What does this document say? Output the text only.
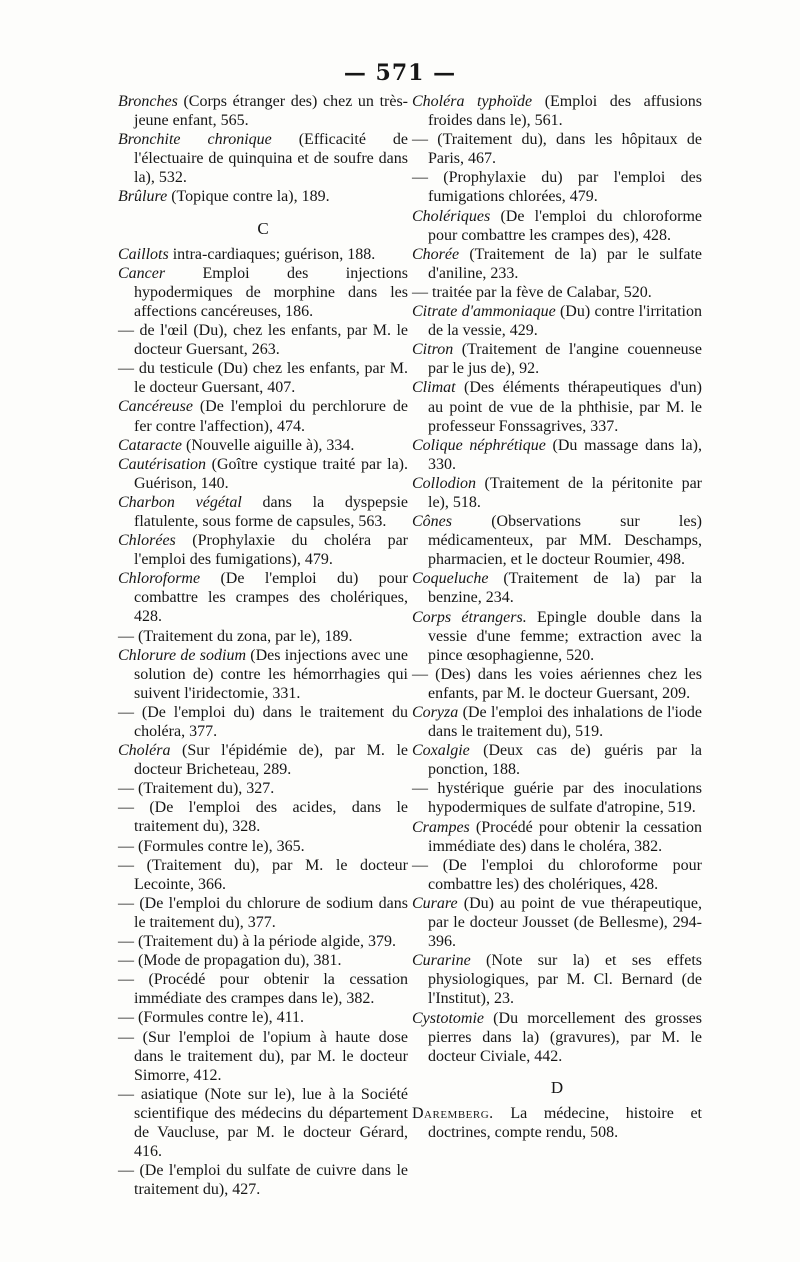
— 571 —

Bronches (Corps étranger des) chez un très-jeune enfant, 565.

Bronchite chronique (Efficacité de l'électuaire de quinquina et de soufre dans la), 532.

Brûlure (Topique contre la), 189.

C

Caillots intra-cardiaques; guérison, 188.

Cancer Emploi des injections hypodermiques de morphine dans les affections cancéreuses, 186.

— de l'œil (Du), chez les enfants, par M. le docteur Guersant, 263.

— du testicule (Du) chez les enfants, par M. le docteur Guersant, 407.

Cancéreuse (De l'emploi du perchlorure de fer contre l'affection), 474.

Cataracte (Nouvelle aiguille à), 334.

Cautérisation (Goître cystique traité par la). Guérison, 140.

Charbon végétal dans la dyspepsie flatulente, sous forme de capsules, 563.

Chlorées (Prophylaxie du choléra par l'emploi des fumigations), 479.

Chloroforme (De l'emploi du) pour combattre les crampes des cholériques, 428.

— (Traitement du zona, par le), 189.

Chlorure de sodium (Des injections avec une solution de) contre les hémorrhagies qui suivent l'iridectomie, 331.

— (De l'emploi du) dans le traitement du choléra, 377.

Choléra (Sur l'épidémie de), par M. le docteur Bricheteau, 289.

— (Traitement du), 327.

— (De l'emploi des acides, dans le traitement du), 328.

— (Formules contre le), 365.

— (Traitement du), par M. le docteur Lecointe, 366.

— (De l'emploi du chlorure de sodium dans le traitement du), 377.

— (Traitement du) à la période algide, 379.

— (Mode de propagation du), 381.

— (Procédé pour obtenir la cessation immédiate des crampes dans le), 382.

— (Formules contre le), 411.

— (Sur l'emploi de l'opium à haute dose dans le traitement du), par M. le docteur Simorre, 412.

— asiatique (Note sur le), lue à la Société scientifique des médecins du département de Vaucluse, par M. le docteur Gérard, 416.

— (De l'emploi du sulfate de cuivre dans le traitement du), 427.

Choléra typhoïde (Emploi des affusions froides dans le), 561.

— (Traitement du), dans les hôpitaux de Paris, 467.

— (Prophylaxie du) par l'emploi des fumigations chlorées, 479.

Cholériques (De l'emploi du chloroforme pour combattre les crampes des), 428.

Chorée (Traitement de la) par le sulfate d'aniline, 233.

— traitée par la fève de Calabar, 520.

Citrate d'ammoniaque (Du) contre l'irritation de la vessie, 429.

Citron (Traitement de l'angine couenneuse par le jus de), 92.

Climat (Des éléments thérapeutiques d'un) au point de vue de la phthisie, par M. le professeur Fonssagrives, 337.

Colique néphrétique (Du massage dans la), 330.

Collodion (Traitement de la péritonite par le), 518.

Cônes (Observations sur les) médicamenteux, par MM. Deschamps, pharmacien, et le docteur Roumier, 498.

Coqueluche (Traitement de la) par la benzine, 234.

Corps étrangers. Epingle double dans la vessie d'une femme; extraction avec la pince œsophagienne, 520.

— (Des) dans les voies aériennes chez les enfants, par M. le docteur Guersant, 209.

Coryza (De l'emploi des inhalations de l'iode dans le traitement du), 519.

Coxalgie (Deux cas de) guéris par la ponction, 188.

— hystérique guérie par des inoculations hypodermiques de sulfate d'atropine, 519.

Crampes (Procédé pour obtenir la cessation immédiate des) dans le choléra, 382.

— (De l'emploi du chloroforme pour combattre les) des cholériques, 428.

Curare (Du) au point de vue thérapeutique, par le docteur Jousset (de Bellesme), 294-396.

Curarine (Note sur la) et ses effets physiologiques, par M. Cl. Bernard (de l'Institut), 23.

Cystotomie (Du morcellement des grosses pierres dans la) (gravures), par M. le docteur Civiale, 442.

D

Daremberg. La médecine, histoire et doctrines, compte rendu, 508.
